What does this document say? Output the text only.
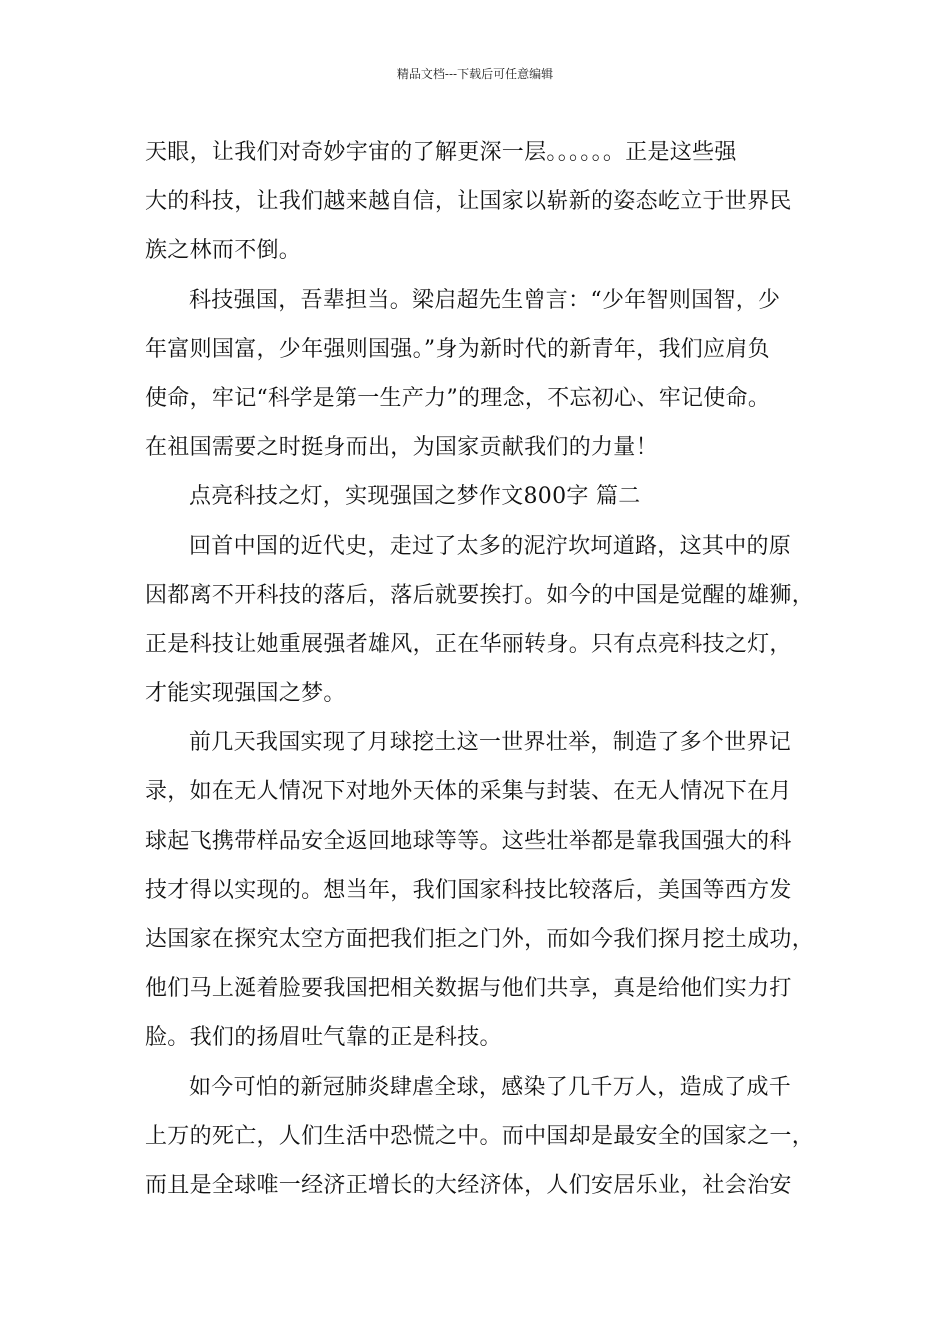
精品文档---下载后可任意编辑
天眼，让我们对奇妙宇宙的了解更深一层。。。。。。正是这些强
大的科技，让我们越来越自信，让国家以崭新的姿态屹立于世界民
族之林而不倒。
科技强国，吾辈担当。梁启超先生曾言：“少年智则国智，少
年富则国富，少年强则国强。”身为新时代的新青年，我们应肩负
使命，牢记“科学是第一生产力”的理念，不忘初心、牢记使命。
在祖国需要之时挺身而出，为国家贡献我们的力量！
点亮科技之灯，实现强国之梦作文800字 篇二
回首中国的近代史，走过了太多的泥泞坎坷道路，这其中的原
因都离不开科技的落后，落后就要挨打。如今的中国是觉醒的雄狮，
正是科技让她重展强者雄风，正在华丽转身。只有点亮科技之灯，
才能实现强国之梦。
前几天我国实现了月球挖土这一世界壮举，制造了多个世界记
录，如在无人情况下对地外天体的采集与封装、在无人情况下在月
球起飞携带样品安全返回地球等等。这些壮举都是靠我国强大的科
技才得以实现的。想当年，我们国家科技比较落后，美国等西方发
达国家在探究太空方面把我们拒之门外，而如今我们探月挖土成功，
他们马上涎着脸要我国把相关数据与他们共享，真是给他们实力打
脸。我们的扬眉吐气靠的正是科技。
如今可怕的新冠肺炎肆虐全球，感染了几千万人，造成了成千
上万的死亡，人们生活中恐慌之中。而中国却是最安全的国家之一，
而且是全球唯一经济正增长的大经济体，人们安居乐业，社会治安
